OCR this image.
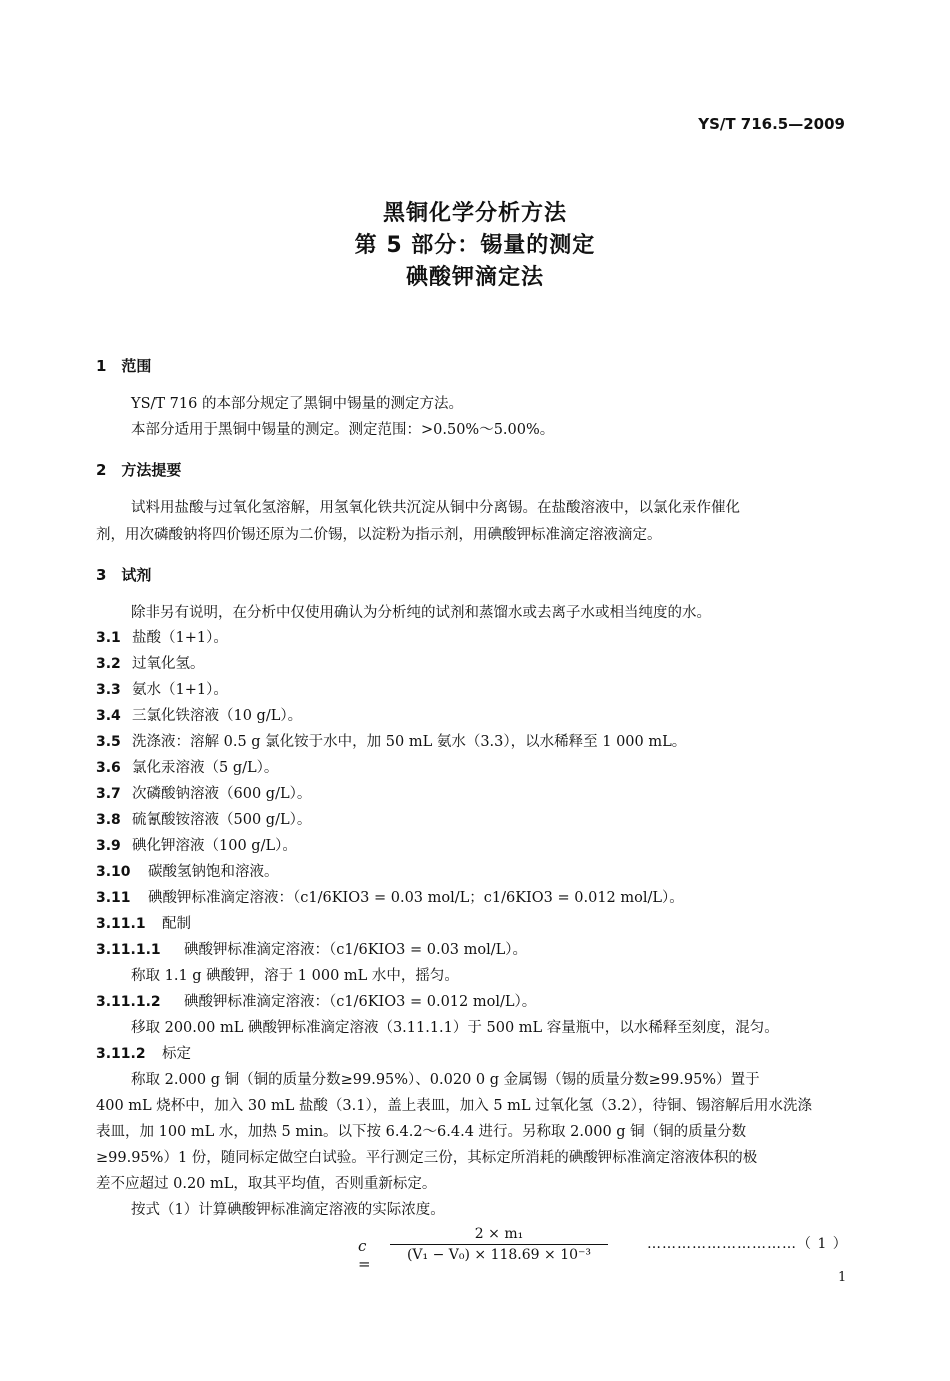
YS/T 716.5—2009
黑铜化学分析方法
第 5 部分：锡量的测定
碘酸钾滴定法
1　范围
YS/T 716 的本部分规定了黑铜中锡量的测定方法。
本部分适用于黑铜中锡量的测定。测定范围：>0.50%～5.00%。
2　方法提要
试料用盐酸与过氧化氢溶解，用氢氧化铁共沉淀从铜中分离锡。在盐酸溶液中，以氯化汞作催化
剂，用次磷酸钠将四价锡还原为二价锡，以淀粉为指示剂，用碘酸钾标准滴定溶液滴定。
3　试剂
除非另有说明，在分析中仅使用确认为分析纯的试剂和蒸馏水或去离子水或相当纯度的水。
3.1 盐酸（1+1）。
3.2 过氧化氢。
3.3 氨水（1+1）。
3.4 三氯化铁溶液（10 g/L）。
3.5 洗涤液：溶解 0.5 g 氯化铵于水中，加 50 mL 氨水（3.3），以水稀释至 1 000 mL。
3.6 氯化汞溶液（5 g/L）。
3.7 次磷酸钠溶液（600 g/L）。
3.8 硫氰酸铵溶液（500 g/L）。
3.9 碘化钾溶液（100 g/L）。
3.10 碳酸氢钠饱和溶液。
3.11 碘酸钾标准滴定溶液：（c1/6KIO3 = 0.03 mol/L；c1/6KIO3 = 0.012 mol/L）。
3.11.1 配制
3.11.1.1 碘酸钾标准滴定溶液：（c1/6KIO3 = 0.03 mol/L）。
称取 1.1 g 碘酸钾，溶于 1 000 mL 水中，摇匀。
3.11.1.2 碘酸钾标准滴定溶液：（c1/6KIO3 = 0.012 mol/L）。
移取 200.00 mL 碘酸钾标准滴定溶液（3.11.1.1）于 500 mL 容量瓶中，以水稀释至刻度，混匀。
3.11.2 标定
称取 2.000 g 铜（铜的质量分数≥99.95%）、0.020 0 g 金属锡（锡的质量分数≥99.95%）置于
400 mL 烧杯中，加入 30 mL 盐酸（3.1），盖上表皿，加入 5 mL 过氧化氢（3.2），待铜、锡溶解后用水洗涤
表皿，加 100 mL 水，加热 5 min。以下按 6.4.2～6.4.4 进行。另称取 2.000 g 铜（铜的质量分数
≥99.95%）1 份，随同标定做空白试验。平行测定三份，其标定所消耗的碘酸钾标准滴定溶液体积的极
差不应超过 0.20 mL，取其平均值，否则重新标定。
按式（1）计算碘酸钾标准滴定溶液的实际浓度。
c =
2 × m₁
(V₁ − V₀) × 118.69 × 10⁻³
…………………………（ 1 ）
1
